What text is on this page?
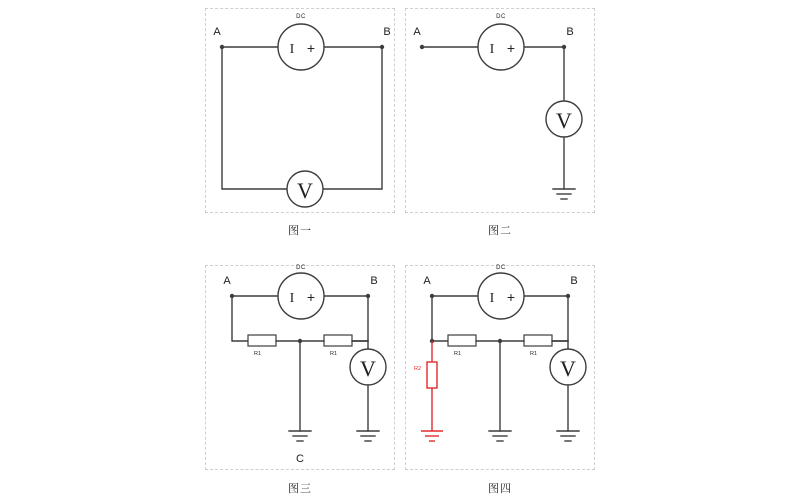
I +
DC
A	B
V
图一
I +
DC
A	B
V
图二
R1	R1
V
I +
DC
A	B
C
图三
R1	R1
R2	V
I +
DC
A	B
图四
